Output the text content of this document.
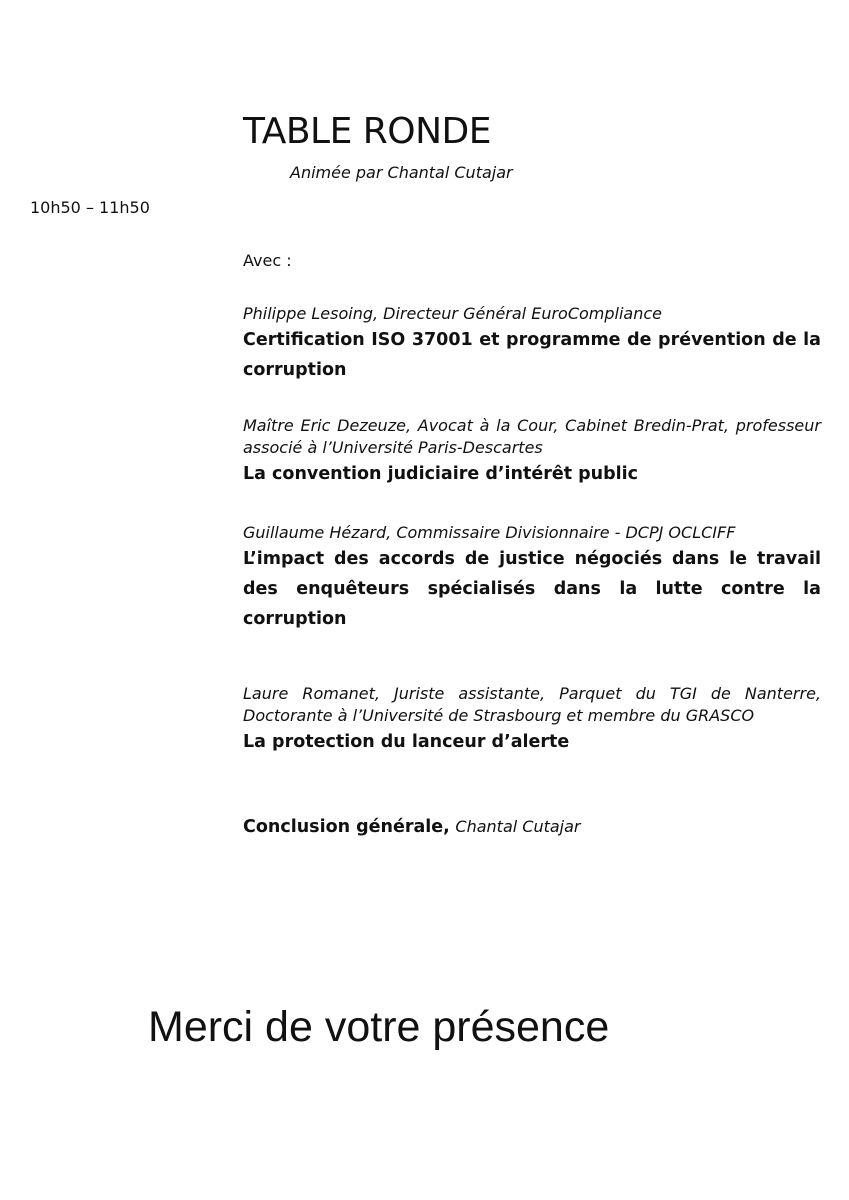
TABLE RONDE
Animée par Chantal Cutajar
10h50 – 11h50
Avec :

Philippe Lesoing, Directeur Général EuroCompliance

Certification ISO 37001 et programme de prévention de la corruption

Maître Eric Dezeuze, Avocat à la Cour, Cabinet Bredin-Prat, professeur associé à l’Université Paris-Descartes

La convention judiciaire d’intérêt public

Guillaume Hézard, Commissaire Divisionnaire - DCPJ OCLCIFF

L’impact des accords de justice négociés dans le travail des enquêteurs spécialisés dans la lutte contre la corruption

Laure Romanet, Juriste assistante, Parquet du TGI de Nanterre, Doctorante à l’Université de Strasbourg et membre du GRASCO

La protection du lanceur d’alerte

Conclusion générale, Chantal Cutajar
Merci de votre présence
